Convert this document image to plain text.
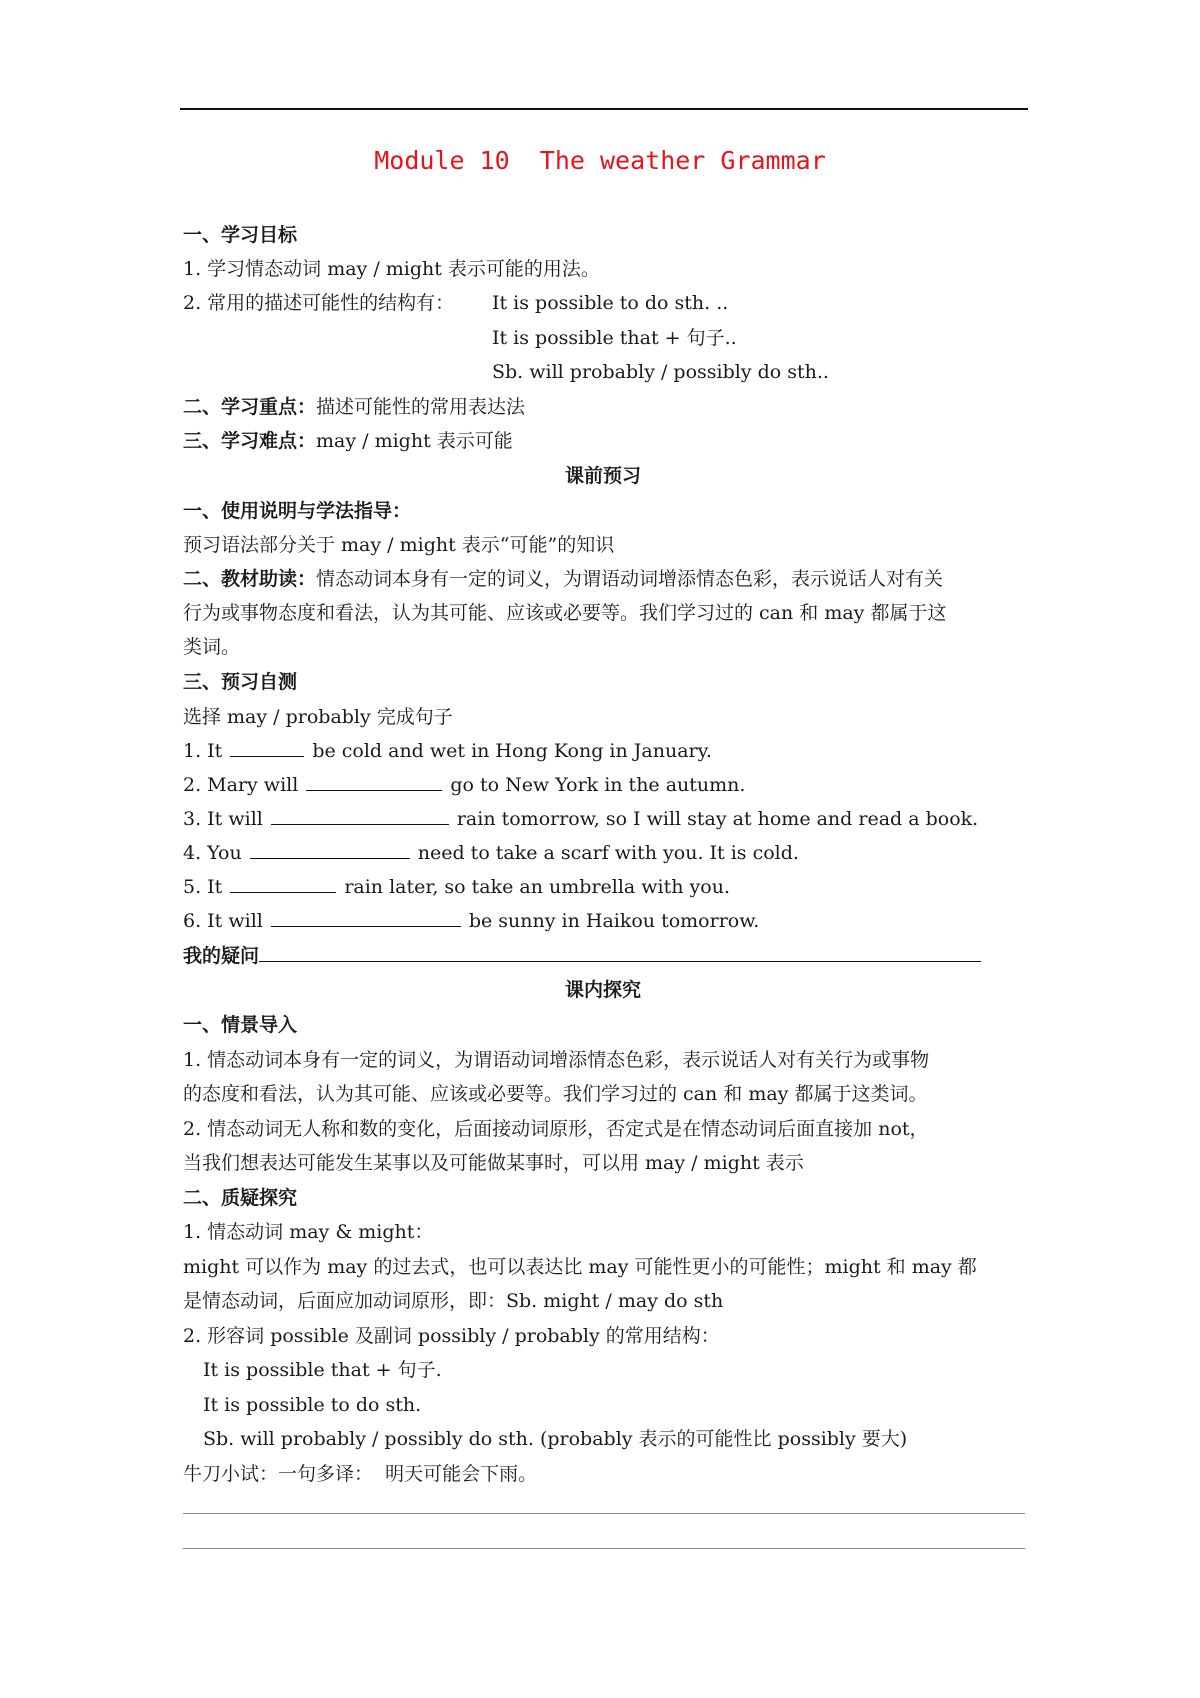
Module 10  The weather Grammar
一、学习目标
1. 学习情态动词 may / might 表示可能的用法。
2. 常用的描述可能性的结构有： It is possible to do sth. ..
It is possible that + 句子..
Sb. will probably / possibly do sth..
二、学习重点：描述可能性的常用表达法
三、学习难点：may / might 表示可能
课前预习
一、使用说明与学法指导：
预习语法部分关于 may / might 表示“可能”的知识
二、教材助读：情态动词本身有一定的词义，为谓语动词增添情态色彩，表示说话人对有关
行为或事物态度和看法，认为其可能、应该或必要等。我们学习过的 can 和 may 都属于这
类词。
三、预习自测
选择 may / probably 完成句子
1. It	be cold and wet in Hong Kong in January.
2. Mary will	go to New York in the autumn.
3. It will	rain tomorrow, so I will stay at home and read a book.
4. You	need to take a scarf with you. It is cold.
5. It	rain later, so take an umbrella with you.
6. It will	be sunny in Haikou tomorrow.
我的疑问
课内探究
一、情景导入
1. 情态动词本身有一定的词义，为谓语动词增添情态色彩，表示说话人对有关行为或事物
的态度和看法，认为其可能、应该或必要等。我们学习过的 can 和 may 都属于这类词。
2. 情态动词无人称和数的变化，后面接动词原形，否定式是在情态动词后面直接加 not，
当我们想表达可能发生某事以及可能做某事时，可以用 may / might 表示
二、质疑探究
1. 情态动词 may & might：
might 可以作为 may 的过去式，也可以表达比 may 可能性更小的可能性；might 和 may 都
是情态动词，后面应加动词原形，即：Sb. might / may do sth
2. 形容词 possible 及副词 possibly / probably 的常用结构：
It is possible that + 句子.
It is possible to do sth.
Sb. will probably / possibly do sth. (probably 表示的可能性比 possibly 要大)
牛刀小试：一句多译：  明天可能会下雨。
